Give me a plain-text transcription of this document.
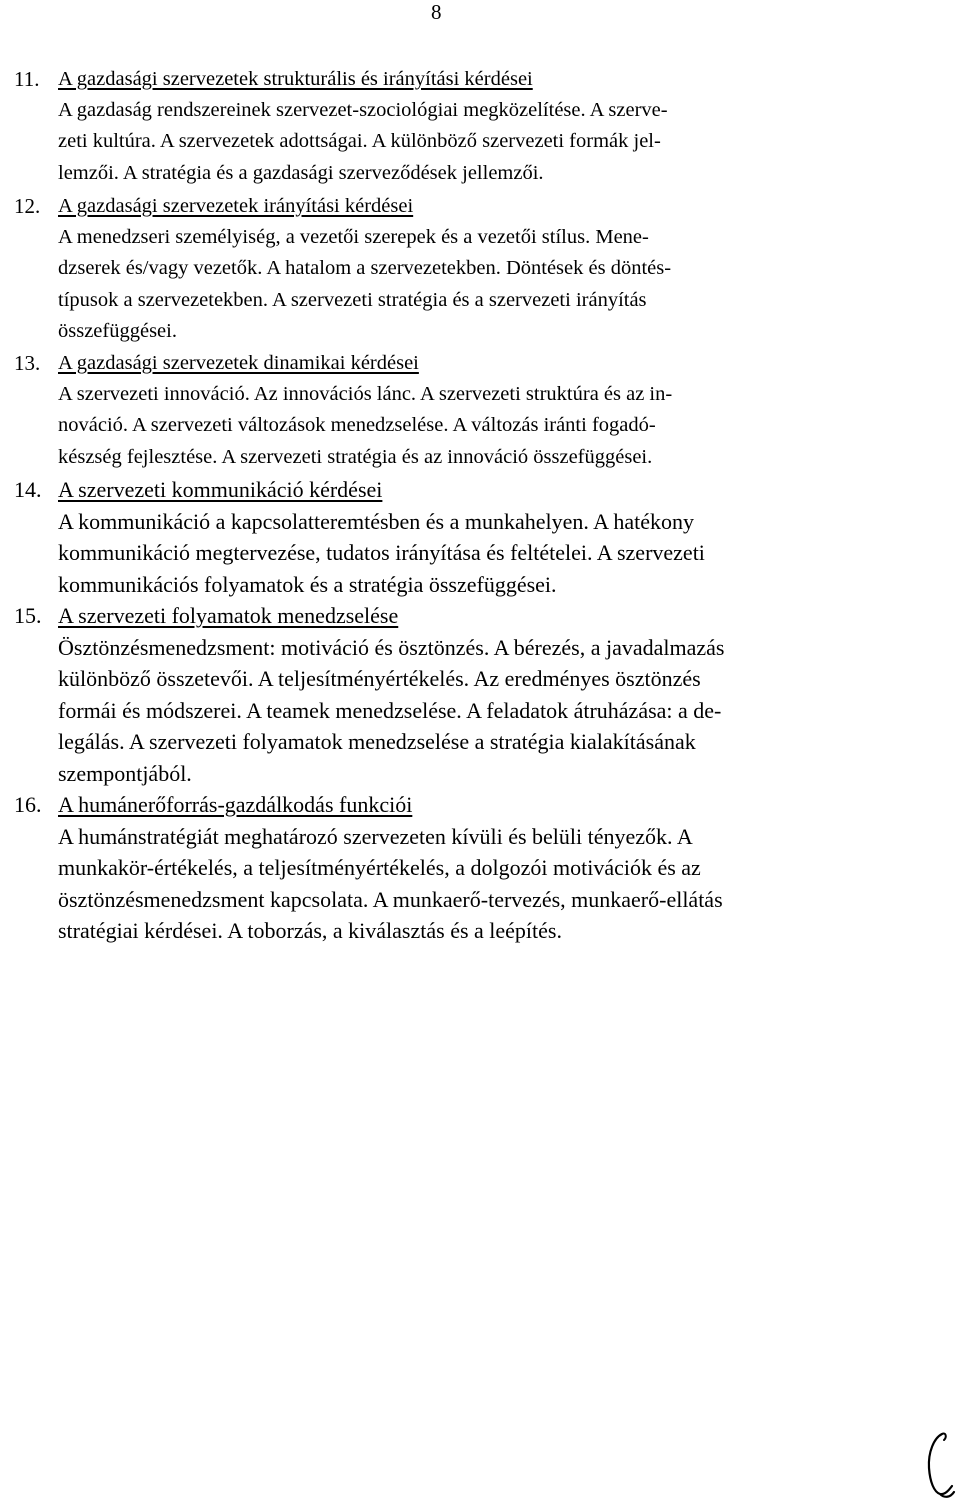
8
11. A gazdasági szervezetek strukturális és irányítási kérdései
A gazdaság rendszereinek szervezet-szociológiai megközelítése. A szerve-
zeti kultúra. A szervezetek adottságai. A különböző szervezeti formák jel-
lemzői. A stratégia és a gazdasági szerveződések jellemzői.
12. A gazdasági szervezetek irányítási kérdései
A menedzseri személyiség, a vezetői szerepek és a vezetői stílus. Mene-
dzserek és/vagy vezetők. A hatalom a szervezetekben. Döntések és döntés-
típusok a szervezetekben. A szervezeti stratégia és a szervezeti irányítás
összefüggései.
13. A gazdasági szervezetek dinamikai kérdései
A szervezeti innováció. Az innovációs lánc. A szervezeti struktúra és az in-
nováció. A szervezeti változások menedzselése. A változás iránti fogadó-
készség fejlesztése. A szervezeti stratégia és az innováció összefüggései.
14. A szervezeti kommunikáció kérdései
A kommunikáció a kapcsolatteremtésben és a munkahelyen. A hatékony
kommunikáció megtervezése, tudatos irányítása és feltételei. A szervezeti
kommunikációs folyamatok és a stratégia összefüggései.
15. A szervezeti folyamatok menedzselése
Ösztönzésmenedzsment: motiváció és ösztönzés. A bérezés, a javadalmazás
különböző összetevői. A teljesítményértékelés. Az eredményes ösztönzés
formái és módszerei. A teamek menedzselése. A feladatok átruházása: a de-
legálás. A szervezeti folyamatok menedzselése a stratégia kialakításának
szempontjából.
16. A humánerőforrás-gazdálkodás funkciói
A humánstratégiát meghatározó szervezeten kívüli és belüli tényezők. A
munkakör-értékelés, a teljesítményértékelés, a dolgozói motivációk és az
ösztönzésmenedzsment kapcsolata. A munkaerő-tervezés, munkaerő-ellátás
stratégiai kérdései. A toborzás, a kiválasztás és a leépítés.
